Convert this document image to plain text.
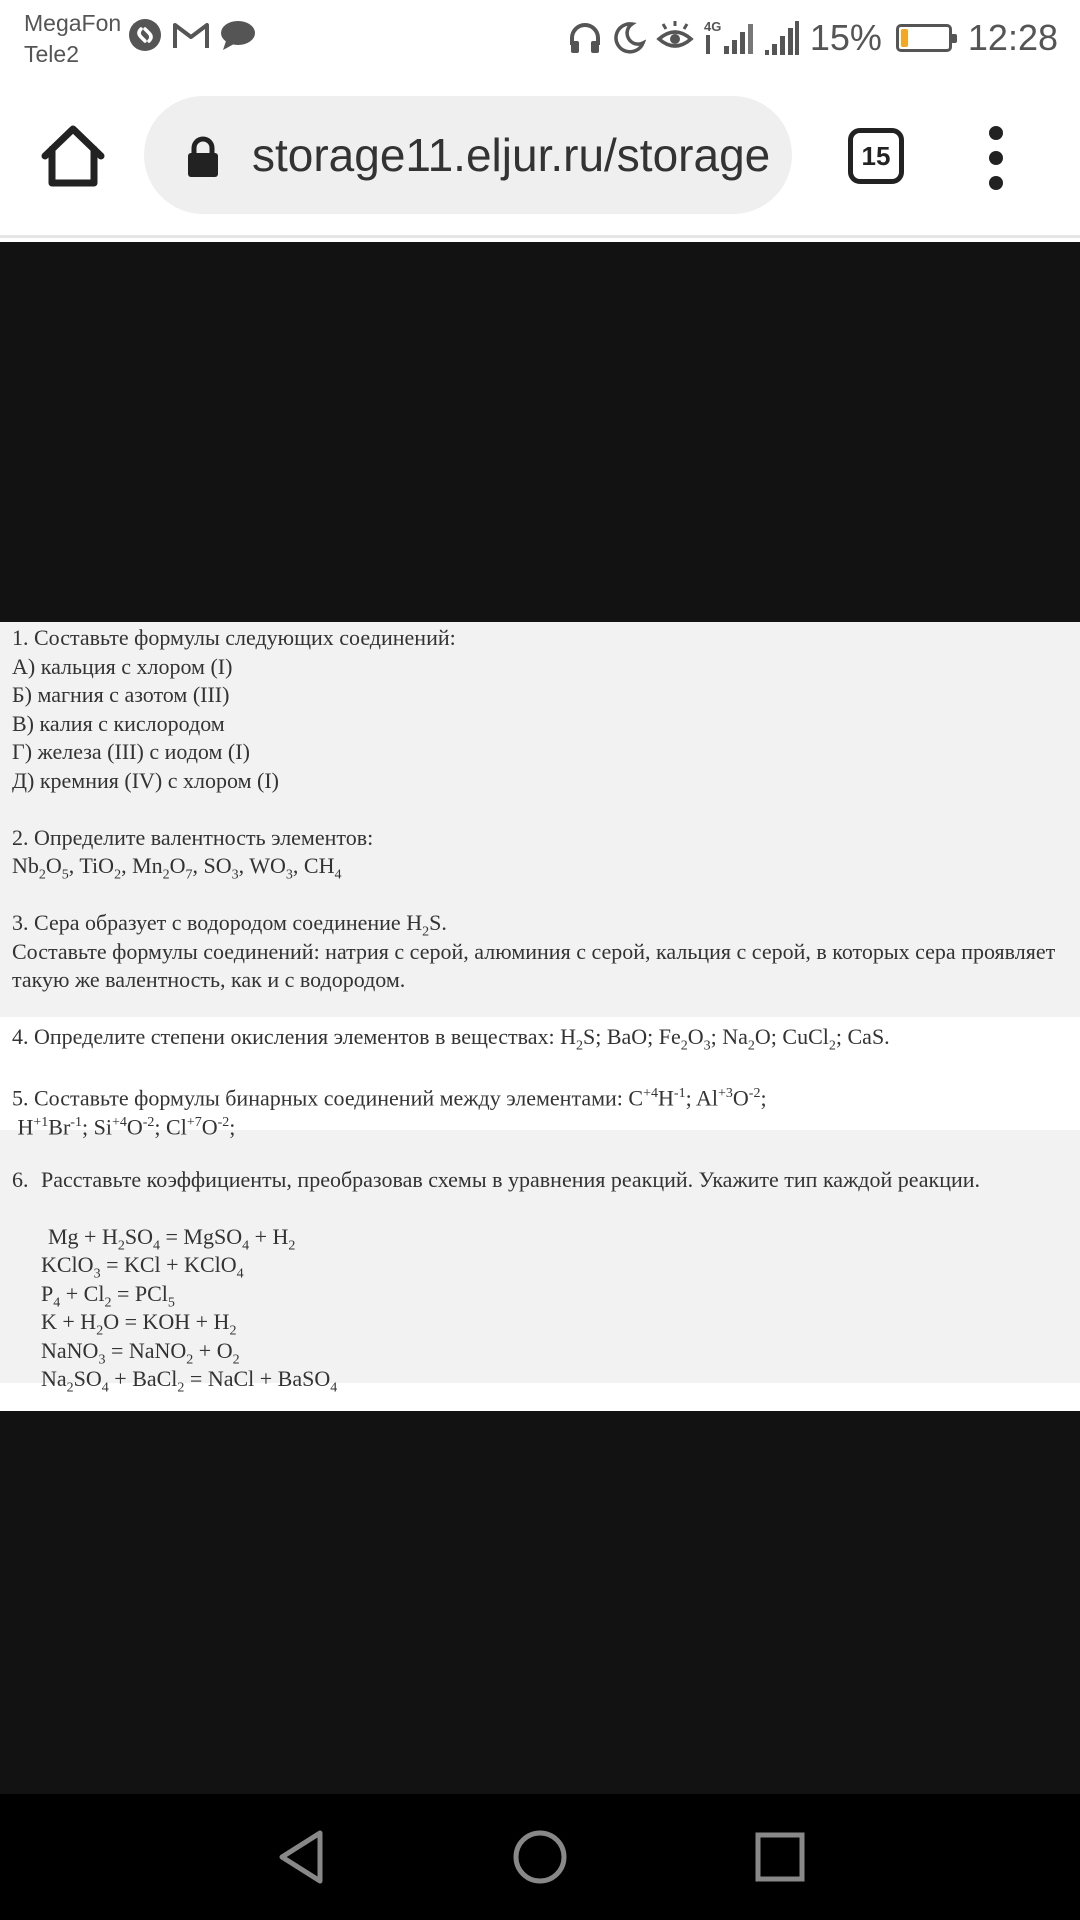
MegaFon
Tele2
4G 15% 12:28
storage11.eljur.ru/storage	15
1. Составьте формулы следующих соединений:
А) кальция с хлором (I)
Б) магния с азотом (III)
В) калия с кислородом
Г) железа (III) с иодом (I)
Д) кремния (IV) с хлором (I)
2. Определите валентность элементов:
$Nb_2O_5$, TiO$_2$, $Mn_2O_7$, $SO_3$, $WO_3$, $CH_4$
3. Сера образует с водородом соединение $H_2S$.
Составьте формулы соединений: натрия с серой, алюминия с серой, кальция с серой, в которых сера проявляет такую же валентность, как и с водородом.
4. Определите степени окисления элементов в веществах: $H_2S$; BaO; $Fe_2O_3$; $Na_2O$; CuCl$_2$; CaS.
5. Составьте формулы бинарных соединений между элементами: $C^{+4}H^{-1}$; $Al^{+3}O^{-2}$;
$H^{+1}Br^{-1}$; $Si^{+4}O^{-2}$; $Cl^{+7}O^{-2}$;
6. Расставьте коэффициенты, преобразовав схемы в уравнения реакций. Укажите тип каждой реакции.
$Mg + H_2SO_4$ = MgSO$_4$ + $H_2$
KClO$_3$ = KCl + KClO$_4$
$P_4 + Cl_2 = PCl_5$
$K + H_2O$ = KOH + $H_2$
NaNO$_3$ = NaNO$_2$ + $O_2$
$Na_2SO_4$ + BaCl$_2$ = NaCl + BaSO$_4$
